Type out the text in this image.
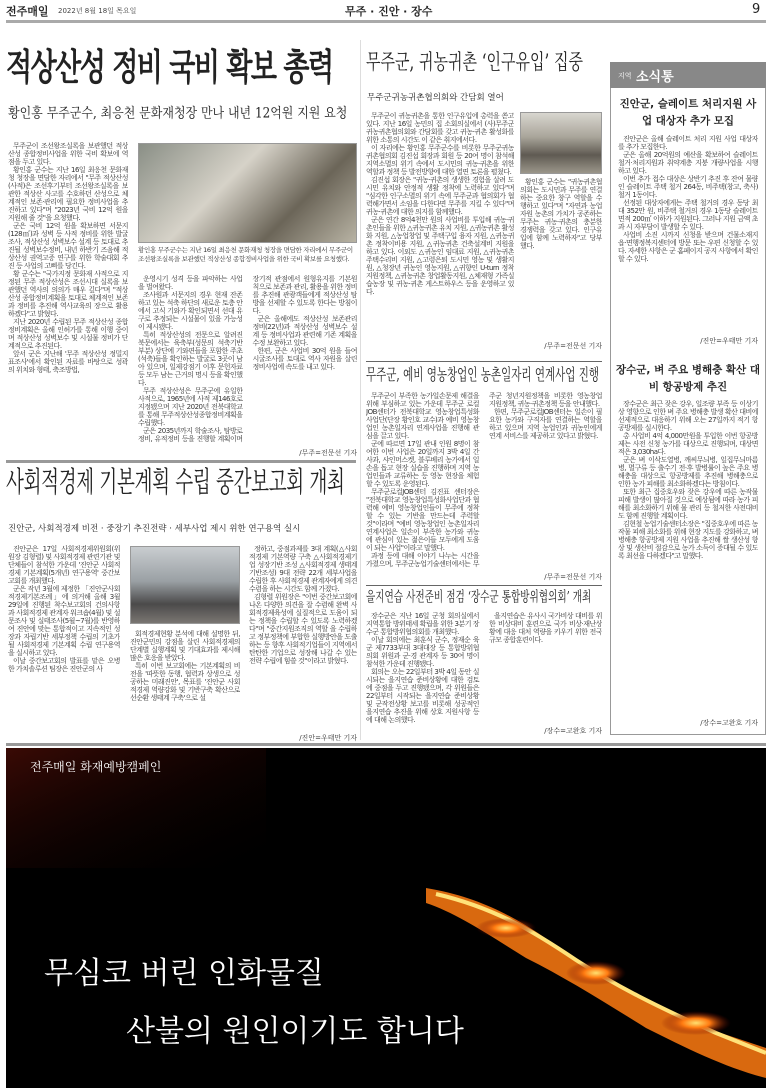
전주매일 2022년 8월 18일 목요일	무주 · 진안 · 장수	9
적상산성 정비 국비 확보 총력
황인홍 무주군수, 최응천 문화재청장 만나 내년 12억원 지원 요청

무주군이 조선왕조실록을 보관했던 적상산성 종합정비사업을 위한 국비 확보에 역점을 두고 있다.

황인홍 군수는 지난 16일 최응천 문화재청 청장을 면담한 자리에서 "무주 적상산성(사적)은 조선후기부터 조선왕조실록을 보관한 적상산 사고를 수호하던 산성으로 체계적인 보존·관리에 필요한 정비사업을 추진하고 있다"며 "2023년 국비 12억 원을 지원해 줄 것"을 요청했다.

군은 국비 12억 원을 확보하면 서문지(128㎡)과 성벽 등 사적 정비를 위한 발굴조사, 적상산성 성벽보수 설계 등 토대로 추진될 성벽보수정비, 내년 하반기 즈음해 적상산성 권역고증 연구를 위한 학술대회 추진 등 사업의 고삐를 당긴다.

황 군수는 "국가지정 문화재 사적으로 지정된 무주 적상산성은 조선시대 실록을 보관했던 역사의 의의가 매우 깊다"며 "적상산성 종합정비계획을 토대로 체계적인 보존과 정비를 추진해 역사교육의 장으로 활용 하겠다"고 밝혔다.

지난 2020년 수립된 무주 적상산성 종합정비계획은 올해 인허가를 통해 이행 중이며 적상산성 성벽보수 및 시설물 정비가 단계적으로 추진된다.

앞서 군은 지난해 '무주 적상산성 정밀지표조사'에서 확인된 자료를 바탕으로 성곽의 위치와 형태, 축조방법,

황인홍 무주군수는 지난 16일 최응천 문화재청 청장을 면담한 자리에서 무주군이 조선왕조실록을 보관했던 적상산성 종합정비사업을 위한 국비 확보를 요청했다.

운영시기 성격 등을 파악하는 사업을 벌여왔다.

조사원과 서문지의 경우 현재 잔존하고 있는 석축 하단의 새로운 토층 안에서 고식 기와가 확인되면서 선대 유구로 추정되는 시설물이 있을 가능성이 제시됐다.

특히 적상산성의 전문으로 알려진 북문에서는 육축부(성문의 석축기반 부분) 상단에 기와편들을 포함한 주초(석축)들을 확인하는 발굴로 3곳이 남아 있으며, 일제강점기 이후 문헌자료 등 모두 남는 근거의 명시 등을 확인했다.

무주 적상산성은 무주군에 유일한 사적으로, 1965년에 사적 제146호로 지정됐으며 지난 2020년 전북대학교를 통해 무주적상산성종합정비계획을 수립했다.

군은 2035년까지 학술조사, 탐방로 정비, 유적정비 등을 진행할 계획이며 장기적 관점에서 원형유지를 기본원칙으로 보존과 관리, 활용을 위한 정비를 추진해 관광객들에게 적상산성 탐방을 선제할 수 있도록 한다는 방침이다.

군은 올해에도 적상산성 보존관리 정비(22년)과 적상산성 성벽보수 설계 등 정비사업과 관련해 기존 계획을 수정 보완하고 있다.

한편, 군은 사업비 30억 원을 들여 시굴조사를 토대로 역사 자원을 살린 정비사업에 속도를 내고 있다.

/무주=전문선 기자
사회적경제 기본계획 수립 중간보고회 개최
진안군, 사회적경제 비전 · 중장기 추진전략 · 세부사업 제시 위한 연구용역 실시

진안군은 17일 사회적경제위원회(위원장 김형렬) 및 사회적경제 관련기관 및 단체들이 참석한 가운데 '진안군 사회적경제 기본계획(5개년) 연구용역' 중간보고회를 개최했다.

군은 작년 3월에 제정한 「진안군사회적경제기본조례」에 의거해 올해 3월 29일에 진행된 착수보고회의 건의사항과 사회적경제 관계자 워크숍(4월) 및 설문조사 및 실태조사(5월~7월)를 반영하여 진안에 맞는 통합적이고 지속적인 성장과 자립기반 세부정책 수립의 기초가 될 사회적경제 기본계획 수립 연구용역을 실시하고 있다.

이날 중간보고회의 발표를 맡은 오병한 가치솔루션 팀장은 진안군의 사

회적경제현황 분석에 대해 설명한 뒤, 진안군민의 강점을 살린 사회적경제의 단계별 실행계획 및 기대효과를 제시해 많은 호응을 받았다.

특히 이번 보고회에는 기본계획의 비전을 '따뜻한 동행, 협력과 상생으로 성공하는 미래진안', 목표를 '진안군 사회적경제 역량강화 및 기반구축 확산으로 선순환 생태계 구축'으로 설

정하고, 중점과제를 3대 계획(△사회적경제 기본역량 구축 △사회적경제기업 성장기반 조성 △사회적경제 생태계기반조성) 9대 전략 22개 세부사업을 수립한 후 사회적경제 관계자에게 의견수렴을 하는 시간도 함께 가졌다.

김형렬 위원장은 "이번 중간보고회에 나온 다양한 의견을 잘 수렴해 완벽 사회적경제육성에 실질적으로 도움이 되는 정책을 수립할 수 있도록 노력하겠다"며 "중간지원조직의 역할 을 수립하고 정부정책에 부합한 실행방안을 도출하는 등 향후 사회적기업들이 지역에서 탄탄한 기업으로 성장해 나갈 수 있는 전략 수립에 힘쓸 것"이라고 밝혔다.

/진안=우태만 기자
무주군, 귀농귀촌 ‘인구유입’ 집중
무주군귀농귀촌협의회와 간담회 열어

무주군이 귀농귀촌을 통한 인구유입에 총력을 쏟고 있다. 지난 16일 농민의 집 소회의실에서 (사)무주군귀농귀촌협의회와 간담회를 갖고 귀농·귀촌 활성화를 위한 소통의 시간도 이 같은 취지에서다.

이 자리에는 황인홍 무주군수를 비롯한 무주군귀농귀촌협의회 김진섭 회장과 회원 등 20여 명이 참석해 지역소멸의 위기 속에서 도시민의 귀농·귀촌을 위한 역할과 정책 등 발전방향에 대한 열띤 토론을 펼쳤다.

김진섭 회장은 "귀농·귀촌의 생생한 경험을 살려 도시민 유치와 안정적 생활 정착에 노력하고 있다"며 "심각한 인구소멸의 위기 속에 무주군과 협의회가 협력해가면서 소임을 다한다면 무주를 지킬 수 있다"며 귀농·귀촌에 대한 의지를 함께했다.

군은 연간 8억4천만 원의 사업비를 투입해 귀농·귀촌인들을 위한 △귀농귀촌 유치 지원, △귀농귀촌 활성화 지원, △농업창업 및 주택구입 융자 지원, △귀농귀촌 정착이비용 지원, △귀농귀촌 건축설계비 지원을 하고 있다. 이외도 △귀농인 임대료 지원, △귀농귀촌 주택수리비 지원, △고령은퇴 도시민 영농 및 생활지원, △청장년 귀농인 영농지원, △귀향인 U-turn 정착 지원정책, △귀농귀촌 창업활동지원, △체재형 가족실습농장 및 귀농·귀촌 게스트하우스 등을 운영하고 있다.

황인홍 군수는 "귀농귀촌협의회는 도시민과 무주를 연결하는 중요한 창구 역할을 수행하고 있다"며 "자연과 농업자원 농촌의 가치가 공존하는 무주는 귀농·귀촌의 충분한 경쟁력을 갖고 있다. 인구유입에 함께 노력하자"고 당부했다.

/무주=전문선 기자
무주군, 예비 영농창업인 농촌일자리 연계사업 진행

무주군이 부족한 농가일손문제 해결을 위해 부심하고 있는 가운데 무주군 로컬JOB센터가 전북대학교 영농창업특성화사업단(단장 황인호 교수)과 예비 영농창업인 농촌일자리 연계사업을 진행해 관심을 끌고 있다.

군에 따르면 17일 관내 인원 8명이 참여한 이번 사업은 20일까지 3박 4일 간 사과, 샤인머스켓, 블루베리 농가에서 일손을 돕고 현장 실습을 진행하며 지역 농업인들과 교류하는 등 영농 현장을 체험할 수 있도록 운영된다.

무주군로컬JOB센터 김진표 센터장은 "전북대학교 영농창업특성화사업단과 협력해 예비 영농창업인들이 무주에 정착할 수 있는 기반을 만드는데 주력할 것"이라며 "예비 영농창업인 농촌일자리 연계사업은 일손이 부족한 농가와 귀농에 관심이 있는 젊은이들 모두에게 도움이 되는 사업"이라고 말했다.

과정 등에 대해 이야기 나누는 시간을 가졌으며, 무주군농업기술센터에서는 무주군 청년지원정책을 비롯한 영농창업 지원정책, 귀농·귀촌정책 등을 안내했다.

한편, 무주군로컬JOB센터는 일손이 필요한 농가와 구직자를 연결하는 역할을 하고 있으며 지역 농업인과 귀농인에게 연계 서비스를 제공하고 있다고 밝혔다.

/무주=전문선 기자
을지연습 사전준비 점검 ‘장수군 통합방위협의회’ 개최

장수군은 지난 16일 군청 회의실에서 지역통합 방위태세 확립을 위한 3분기 장수군 통합방위협의회를 개최했다.

이날 회의에는 최훈식 군수, 정재순 육군 제7733부대 3대대장 등 통합방위협의회 위원과 군·경 관계자 등 30여 명이 참석한 가운데 진행됐다.

회의는 오는 22일부터 3박 4일 동안 실시되는 을지연습 준비상황에 대한 검토에 중점을 두고 진행됐으며, 각 위원들은 22일부터 시작되는 을지연습 준비상황 및 군작전상황 보고를 비롯해 성공적인 을지연습 추진을 위해 상호 지원사항 등에 대해 논의했다.

을지연습은 유사시 국가비상 대비를 위한 비상대비 훈련으로 국가 비상·재난상황에 대응 대처 역량을 키우기 위한 전국 규모 종합훈련이다.

/장수=고완호 기자
지역 소식통
진안군, 슬레이트 처리지원 사업 대상자 추가 모집

진안군은 올해 슬레이트 처리 지원 사업 대상자를 추가 모집한다.

군은 올해 20억원의 예산을 확보하여 슬레이트 철거·처리지원과 취약계층 지붕 개량사업을 시행하고 있다.

이번 추가 접수 대상은 상반기 추진 후 잔여 물량인 슬레이트 주택 철거 264동, 비주택(창고, 축사) 철거 1동이다.

선정된 대상자에게는 주택 철거의 경우 동당 최대 352만 원, 비주택 철거의 경우 1동당 슬레이트 면적 200㎡ 이하가 지원된다. 그러나 지원 금액 초과 시 자부담이 발생할 수 있다.

사업비 소진 시까지 신청을 받으며 건물소재지 읍·면행정복지센터에 방문 또는 우편 신청할 수 있다. 자세한 사항은 군 홈페이지 공지 사항에서 확인할 수 있다.

/진안=우태만 기자
장수군, 벼 주요 병해충 확산 대비 항공방제 추진

장수군은 최근 잦은 강우, 일조량 부족 등 이상기상 영향으로 인한 벼 주요 병해충 발생 확산 대비에 선제적으로 대응하기 위해 오는 27일까지 적기 항공방제를 실시한다.

총 사업비 4억 4,000만원을 투입한 이번 항공방제는 사전 신청 농가를 대상으로 진행되며, 대상면적은 3,030ha다.

군은 벼 이삭도열병, 깨씨무늬병, 잎집무늬마름병, 멸구류 등 출수기 전·후 발병률이 높은 주요 병해충을 대상으로 항공방제를 추진해 병해충으로 인한 농가 피해를 최소화하겠다는 방침이다.

또한 최근 집중호우와 잦은 강우에 따른 농작물 피해 발생이 많아질 것으로 예상됨에 따라 농가 피해를 최소화하기 위해 물 관리 등 철저한 사전대비도 함께 진행할 계획이다.

김현철 농업기술센터소장은 "집중호우에 따른 농작물 피해 최소화를 위해 현장 지도를 강화하고, 벼 병해충 항공방제 지원 사업을 추진해 쌀 생산성 향상 및 생산비 절감으로 농가 소득이 증대될 수 있도록 최선을 다하겠다"고 말했다.

/장수=고완호 기자
전주매일 화재예방캠페인
무심코 버린 인화물질
산불의 원인이기도 합니다
